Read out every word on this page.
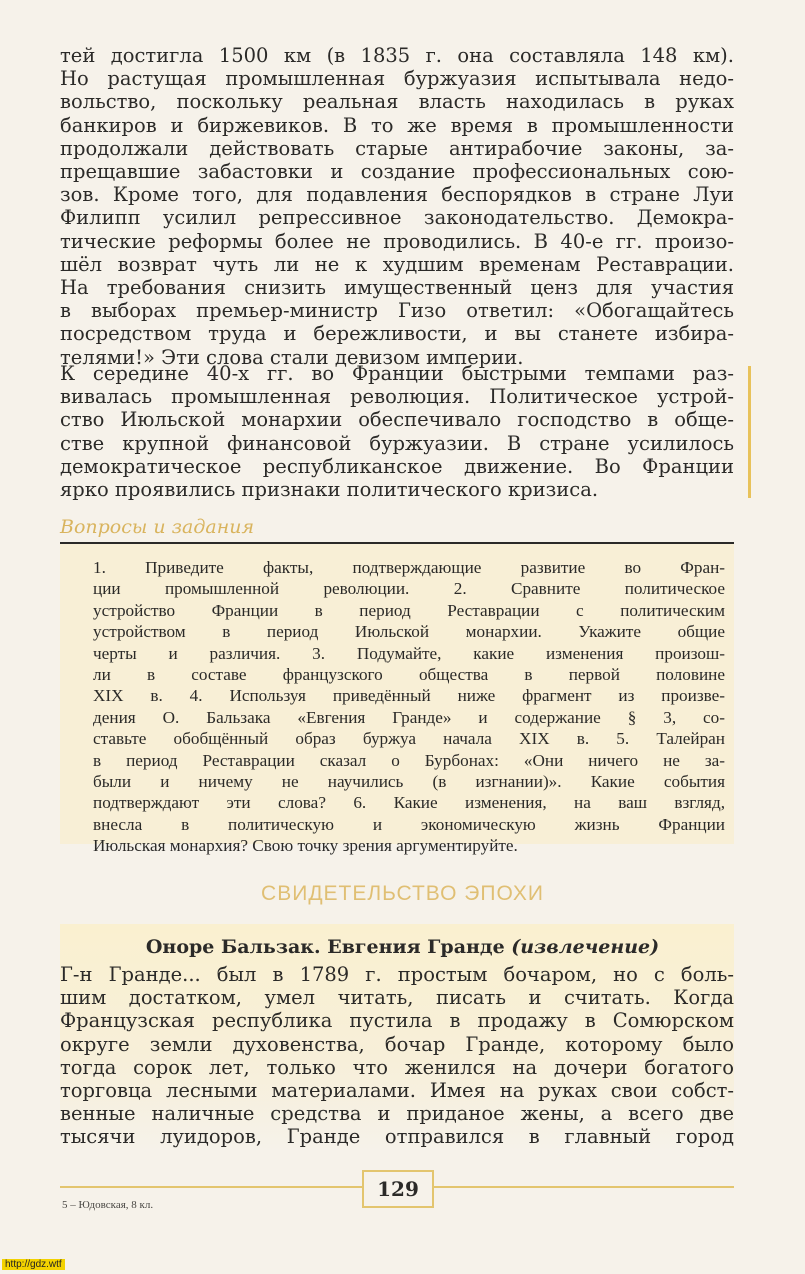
тей достигла 1500 км (в 1835 г. она составляла 148 км).
Но растущая промышленная буржуазия испытывала недо-
вольство, поскольку реальная власть находилась в руках
банкиров и биржевиков. В то же время в промышленности
продолжали действовать старые антирабочие законы, за-
прещавшие забастовки и создание профессиональных сою-
зов. Кроме того, для подавления беспорядков в стране Луи
Филипп усилил репрессивное законодательство. Демокра-
тические реформы более не проводились. В 40-е гг. произо-
шёл возврат чуть ли не к худшим временам Реставрации.
На требования снизить имущественный ценз для участия
в выборах премьер-министр Гизо ответил: «Обогащайтесь
посредством труда и бережливости, и вы станете избира-
телями!» Эти слова стали девизом империи.
К середине 40-х гг. во Франции быстрыми темпами раз-
вивалась промышленная революция. Политическое устрой-
ство Июльской монархии обеспечивало господство в обще-
стве крупной финансовой буржуазии. В стране усилилось
демократическое республиканское движение. Во Франции
ярко проявились признаки политического кризиса.
Вопросы и задания
1. Приведите факты, подтверждающие развитие во Фран-
ции промышленной революции. 2. Сравните политическое
устройство Франции в период Реставрации с политическим
устройством в период Июльской монархии. Укажите общие
черты и различия. 3. Подумайте, какие изменения произош-
ли в составе французского общества в первой половине
XIX в. 4. Используя приведённый ниже фрагмент из произве-
дения О. Бальзака «Евгения Гранде» и содержание § 3, со-
ставьте обобщённый образ буржуа начала XIX в. 5. Талейран
в период Реставрации сказал о Бурбонах: «Они ничего не за-
были и ничему не научились (в изгнании)». Какие события
подтверждают эти слова? 6. Какие изменения, на ваш взгляд,
внесла в политическую и экономическую жизнь Франции
Июльская монархия? Свою точку зрения аргументируйте.
СВИДЕТЕЛЬСТВО ЭПОХИ
Оноре Бальзак. Евгения Гранде (извлечение)
Г-н Гранде... был в 1789 г. простым бочаром, но с боль-
шим достатком, умел читать, писать и считать. Когда
Французская республика пустила в продажу в Сомюрском
округе земли духовенства, бочар Гранде, которому было
тогда сорок лет, только что женился на дочери богатого
торговца лесными материалами. Имея на руках свои собст-
венные наличные средства и приданое жены, а всего две
тысячи луидоров, Гранде отправился в главный город
129
5 – Юдовская, 8 кл.
http://gdz.wtf
